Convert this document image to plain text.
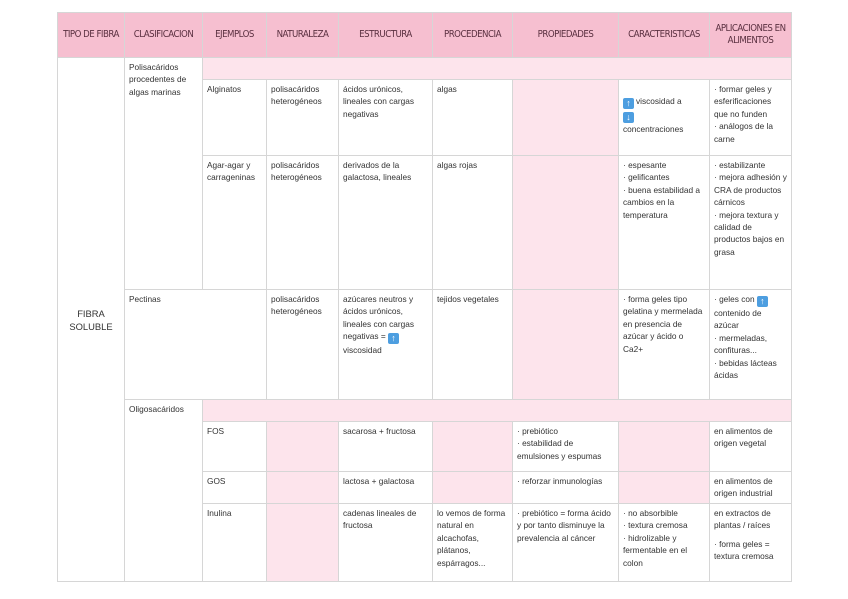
TIPO DE FIBRA	CLASIFICACION	EJEMPLOS	NATURALEZA	ESTRUCTURA	PROCEDENCIA	PROPIEDADES	CARACTERISTICAS	APLICACIONES EN ALIMENTOS
FIBRA SOLUBLE	Polisacáridos procedentes de algas marinas							
		Alginatos	polisacáridos heterogéneos	ácidos urónicos, lineales con cargas negativas	algas		↑ viscosidad a
↓
concentraciones	· formar geles y esferificaciones que no funden
· análogos de la carne

		Agar-agar y carrageninas	polisacáridos heterogéneos	derivados de la galactosa, lineales	algas rojas		· espesante
· gelificantes
· buena estabilidad a cambios en la temperatura	· estabilizante
· mejora adhesión y CRA de productos cárnicos
· mejora textura y calidad de productos bajos en grasa

	Pectinas		polisacáridos heterogéneos	azúcares neutros y ácidos urónicos, lineales con cargas negativas = ↑
viscosidad	tejidos vegetales		· forma geles tipo gelatina y mermelada en presencia de azúcar y ácido o Ca2+	· geles con ↑ contenido de azúcar
· mermeladas, confituras...
· bebidas lácteas ácidas

	Oligosacáridos							
		FOS		sacarosa + fructosa		· prebiótico
· estabilidad de emulsiones y espumas		en alimentos de origen vegetal
		GOS		lactosa + galactosa		· reforzar inmunologías		en alimentos de origen industrial
		Inulina		cadenas lineales de fructosa	lo vemos de forma natural en alcachofas, plátanos, espárragos...	· prebiótico = forma ácido y por tanto disminuye la prevalencia al cáncer	· no absorbible
· textura cremosa
· hidrolizable y fermentable en el colon	en extractos de plantas / raíces
· forma geles = textura cremosa
